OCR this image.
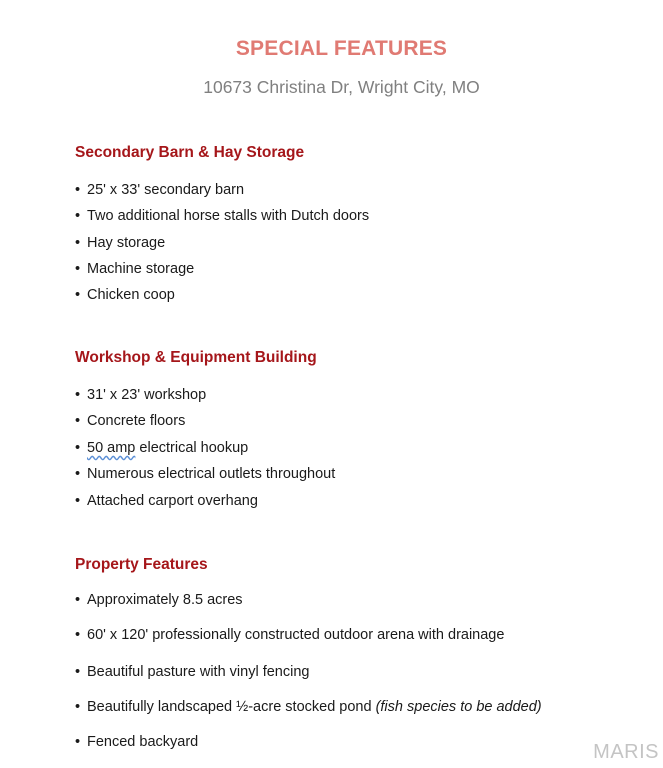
SPECIAL FEATURES
10673 Christina Dr, Wright City, MO
Secondary Barn & Hay Storage
• 25' x 33' secondary barn
• Two additional horse stalls with Dutch doors
• Hay storage
• Machine storage
• Chicken coop
Workshop & Equipment Building
• 31' x 23' workshop
• Concrete floors
• 50 amp electrical hookup
• Numerous electrical outlets throughout
• Attached carport overhang
Property Features
• Approximately 8.5 acres
• 60' x 120' professionally constructed outdoor arena with drainage
• Beautiful pasture with vinyl fencing
• Beautifully landscaped ½-acre stocked pond (fish species to be added)
• Fenced backyard	MARIS
